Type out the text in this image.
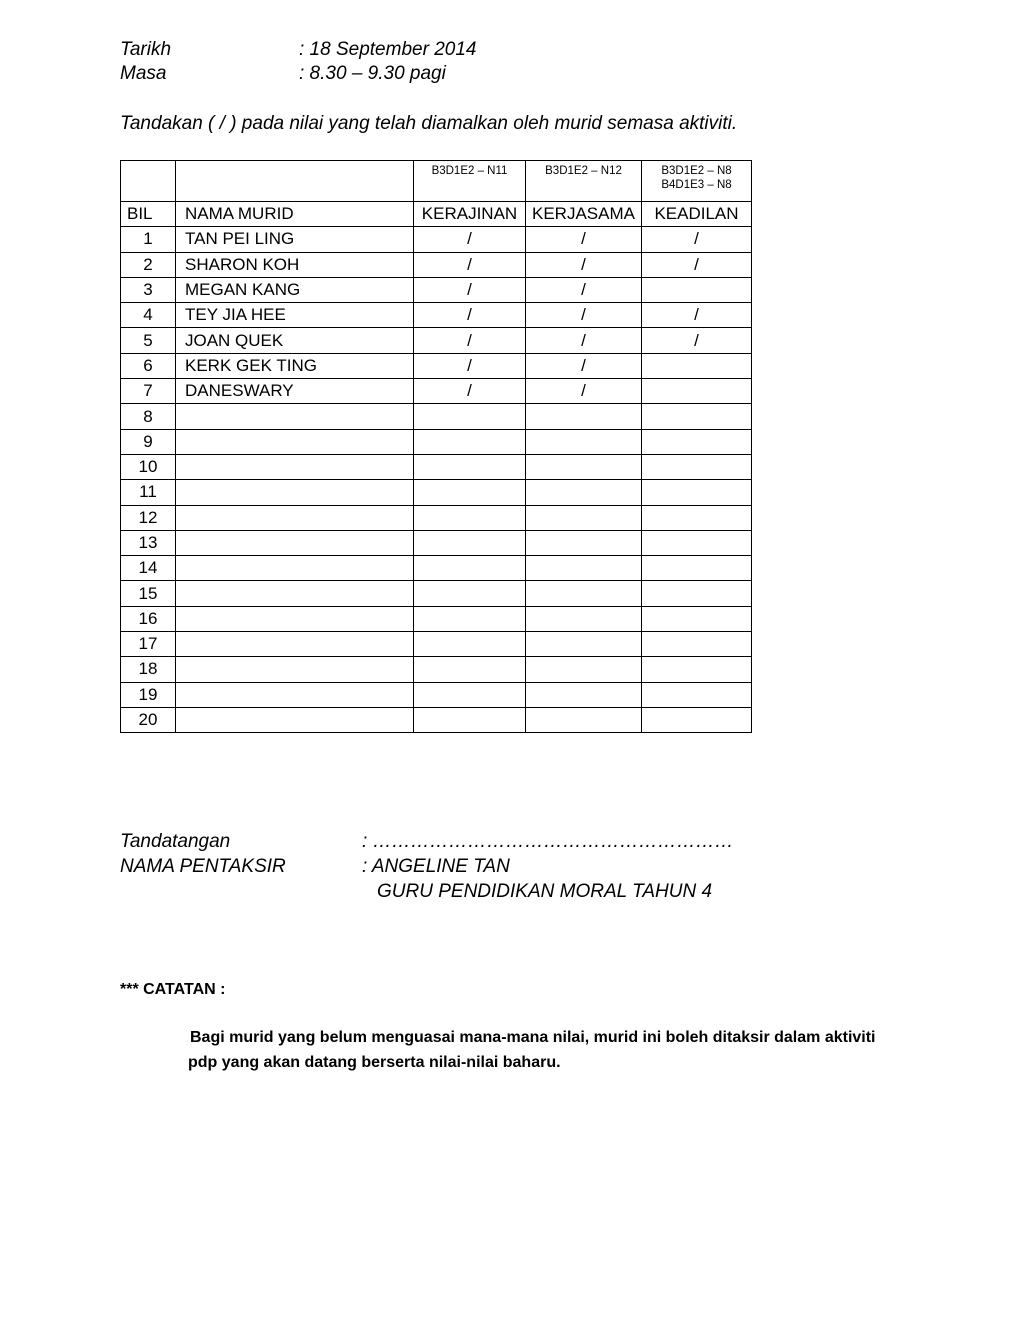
Tarikh	: 18 September 2014
Masa	: 8.30 – 9.30 pagi
Tandakan ( / ) pada nilai yang telah diamalkan oleh murid semasa aktiviti.
		B3D1E2 – N11	B3D1E2 – N12	B3D1E2 – N8
B4D1E3 – N8

BIL	NAMA MURID	KERAJINAN	KERJASAMA	KEADILAN
1	TAN PEI LING	/	/	/
2	SHARON KOH	/	/	/
3	MEGAN KANG	/	/	
4	TEY JIA HEE	/	/	/
5	JOAN QUEK	/	/	/
6	KERK GEK TING	/	/	
7	DANESWARY	/	/	
8				
9				
10				
11				
12				
13				
14				
15				
16				
17				
18				
19				
20				
Tandatangan	: …………………………………………………
NAMA PENTAKSIR	: ANGELINE TAN
GURU PENDIDIKAN MORAL TAHUN 4
*** CATATAN :
Bagi murid yang belum menguasai mana-mana nilai, murid ini boleh ditaksir dalam aktiviti
pdp yang akan datang berserta nilai-nilai baharu.
